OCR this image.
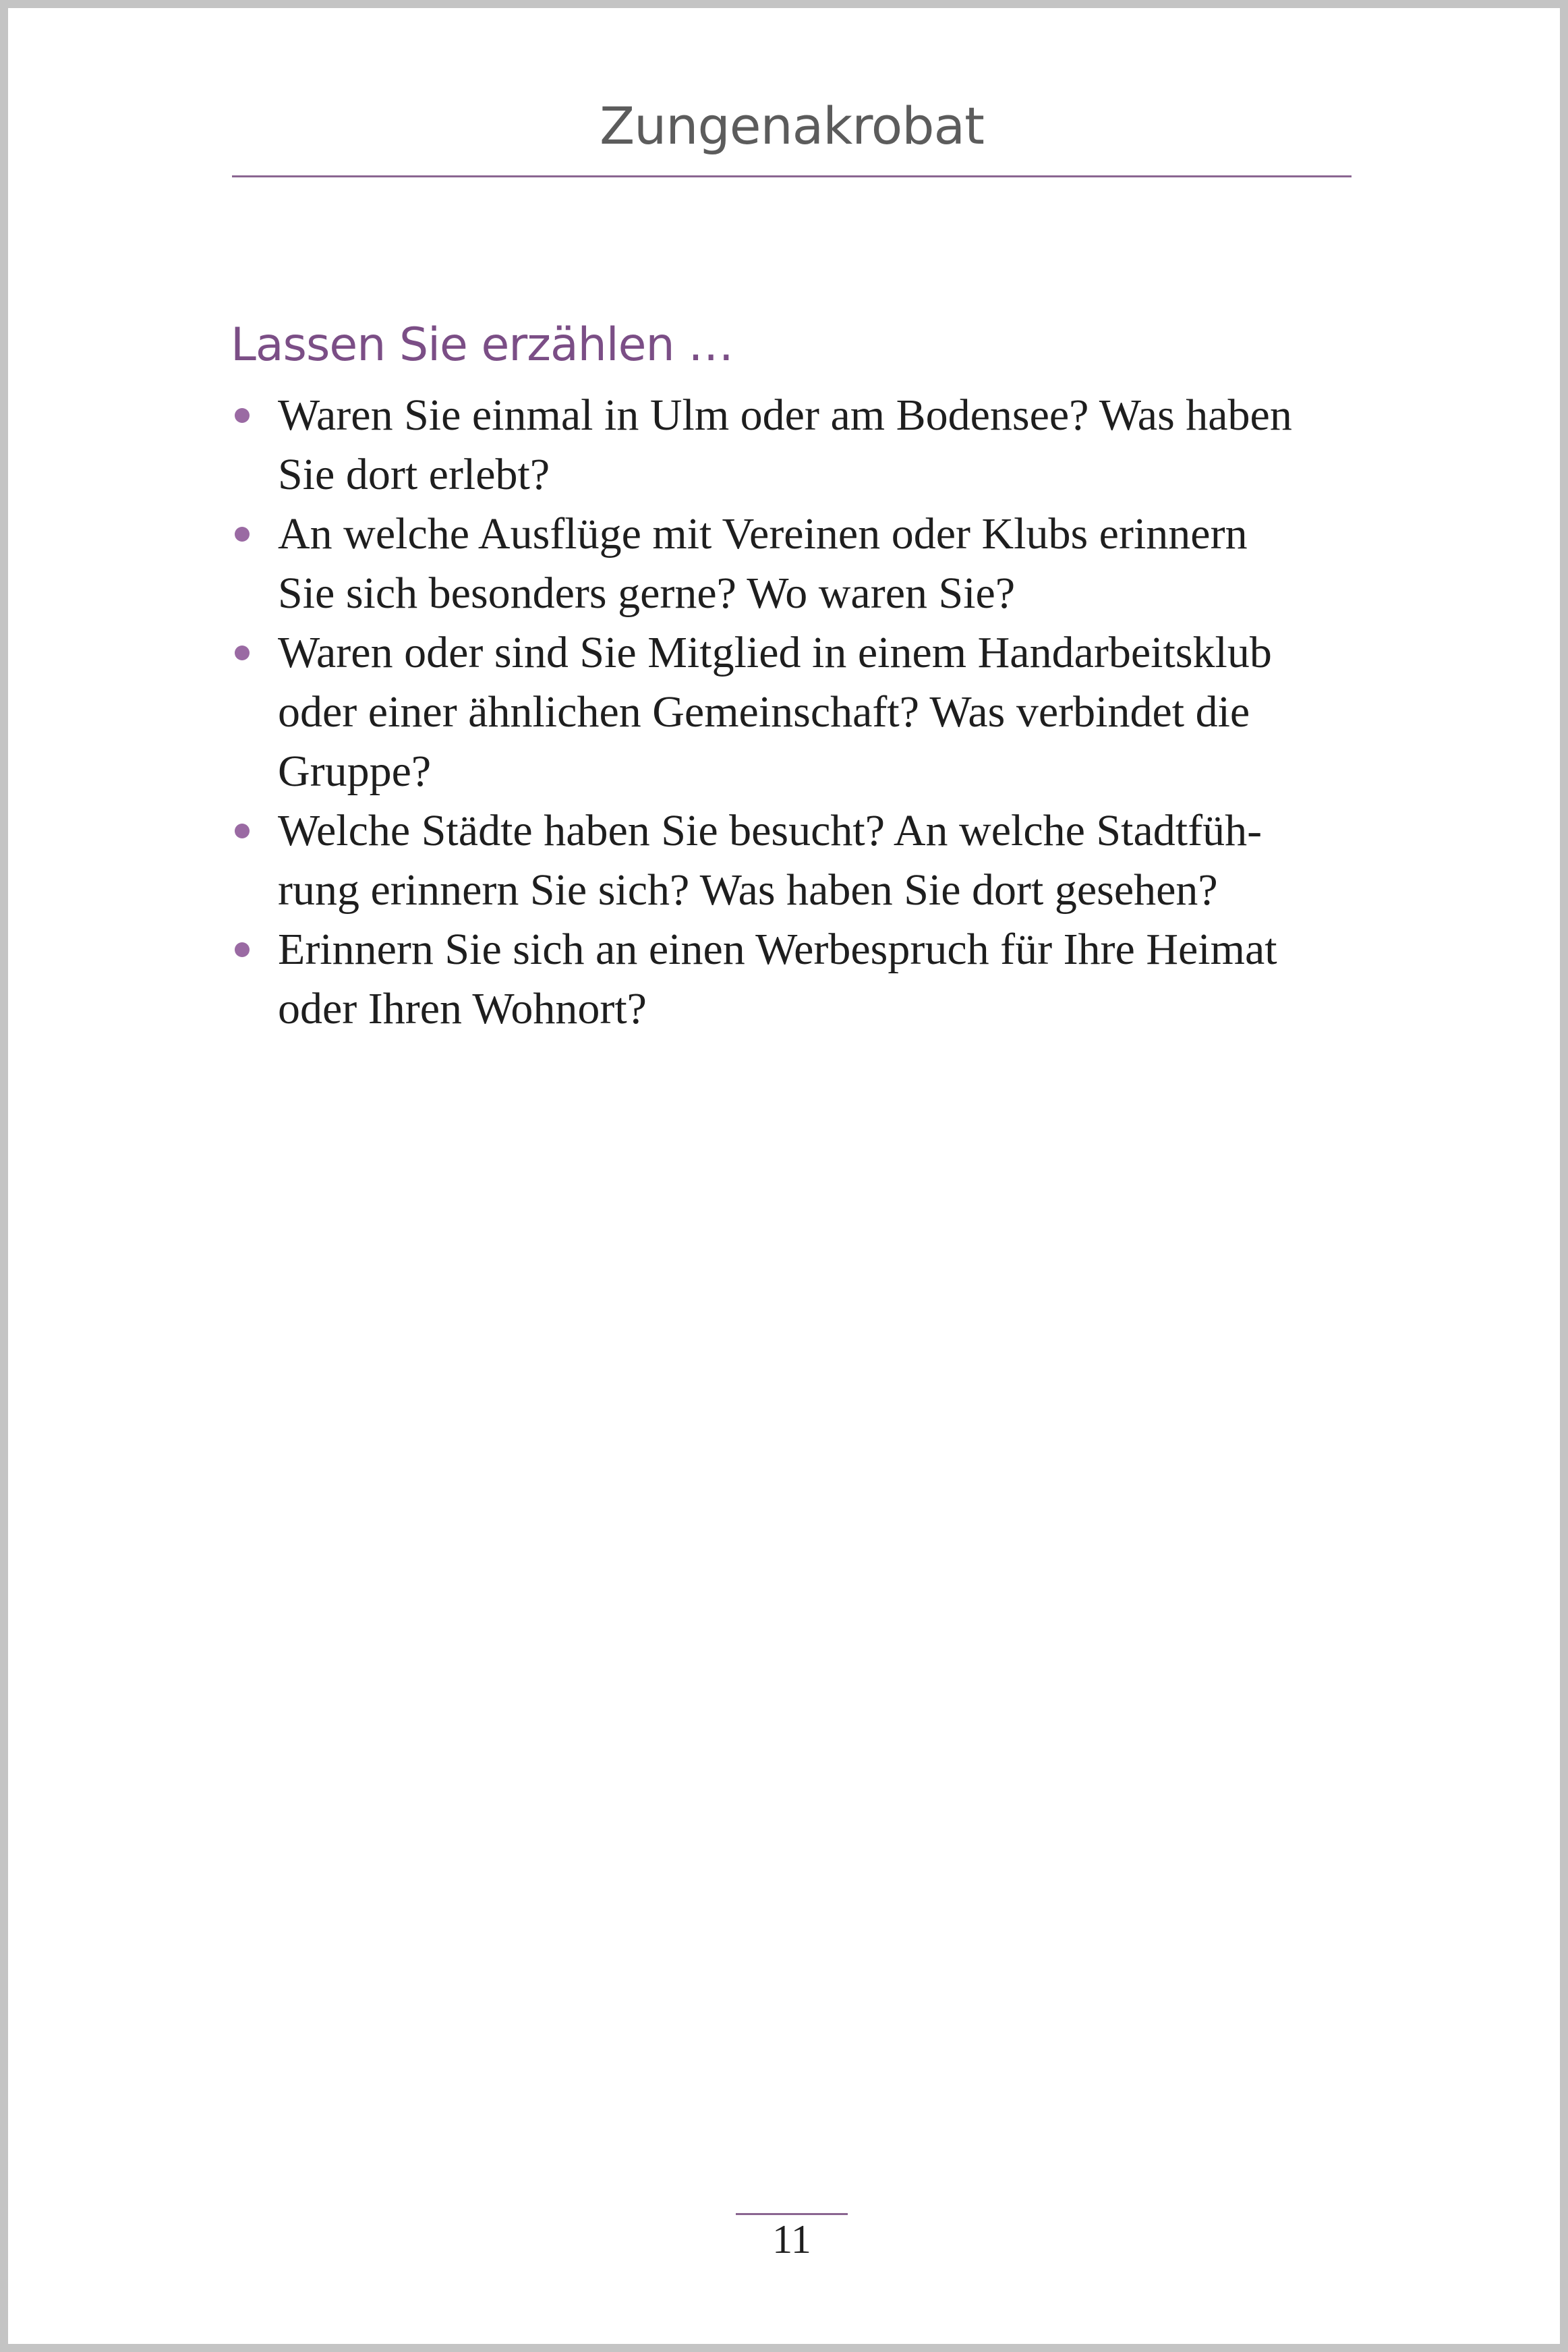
Zungenakrobat
Lassen Sie erzählen …
Waren Sie einmal in Ulm oder am Bodensee? Was haben
Sie dort erlebt?
An welche Ausflüge mit Vereinen oder Klubs erinnern
Sie sich besonders gerne? Wo waren Sie?
Waren oder sind Sie Mitglied in einem Handarbeitsklub
oder einer ähnlichen Gemeinschaft? Was verbindet die
Gruppe?
Welche Städte haben Sie besucht? An welche Stadtfüh-
rung erinnern Sie sich? Was haben Sie dort gesehen?
Erinnern Sie sich an einen Werbespruch für Ihre Heimat
oder Ihren Wohnort?
11
